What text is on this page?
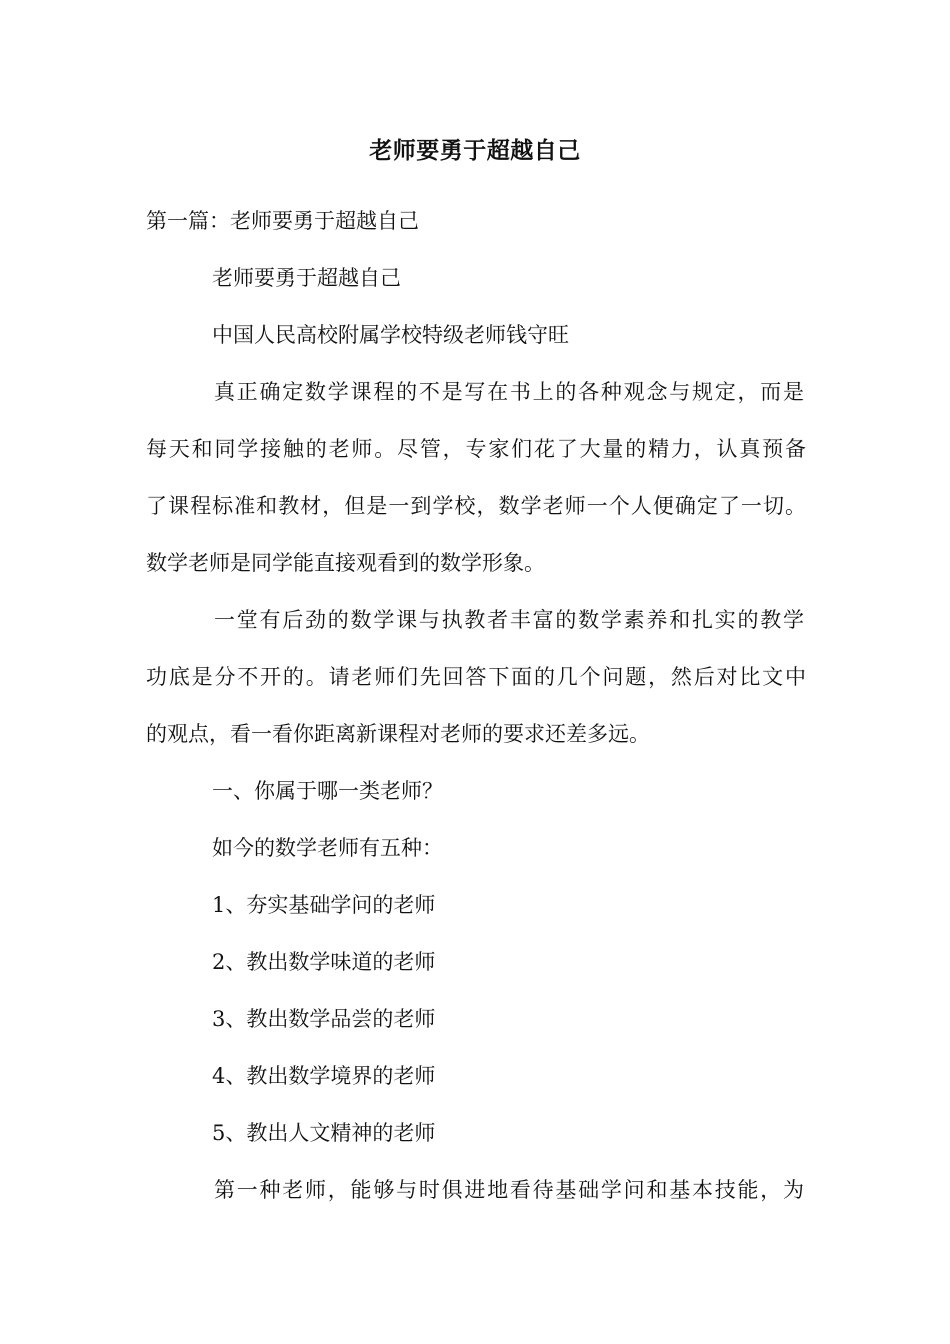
老师要勇于超越自己
第一篇：老师要勇于超越自己
老师要勇于超越自己
中国人民高校附属学校特级老师钱守旺
真正确定数学课程的不是写在书上的各种观念与规定，而是
每天和同学接触的老师。尽管，专家们花了大量的精力，认真预备
了课程标准和教材，但是一到学校，数学老师一个人便确定了一切。
数学老师是同学能直接观看到的数学形象。
一堂有后劲的数学课与执教者丰富的数学素养和扎实的教学
功底是分不开的。请老师们先回答下面的几个问题，然后对比文中
的观点，看一看你距离新课程对老师的要求还差多远。
一、你属于哪一类老师？
如今的数学老师有五种：
1、夯实基础学问的老师
2、教出数学味道的老师
3、教出数学品尝的老师
4、教出数学境界的老师
5、教出人文精神的老师
第一种老师，能够与时俱进地看待基础学问和基本技能，为
